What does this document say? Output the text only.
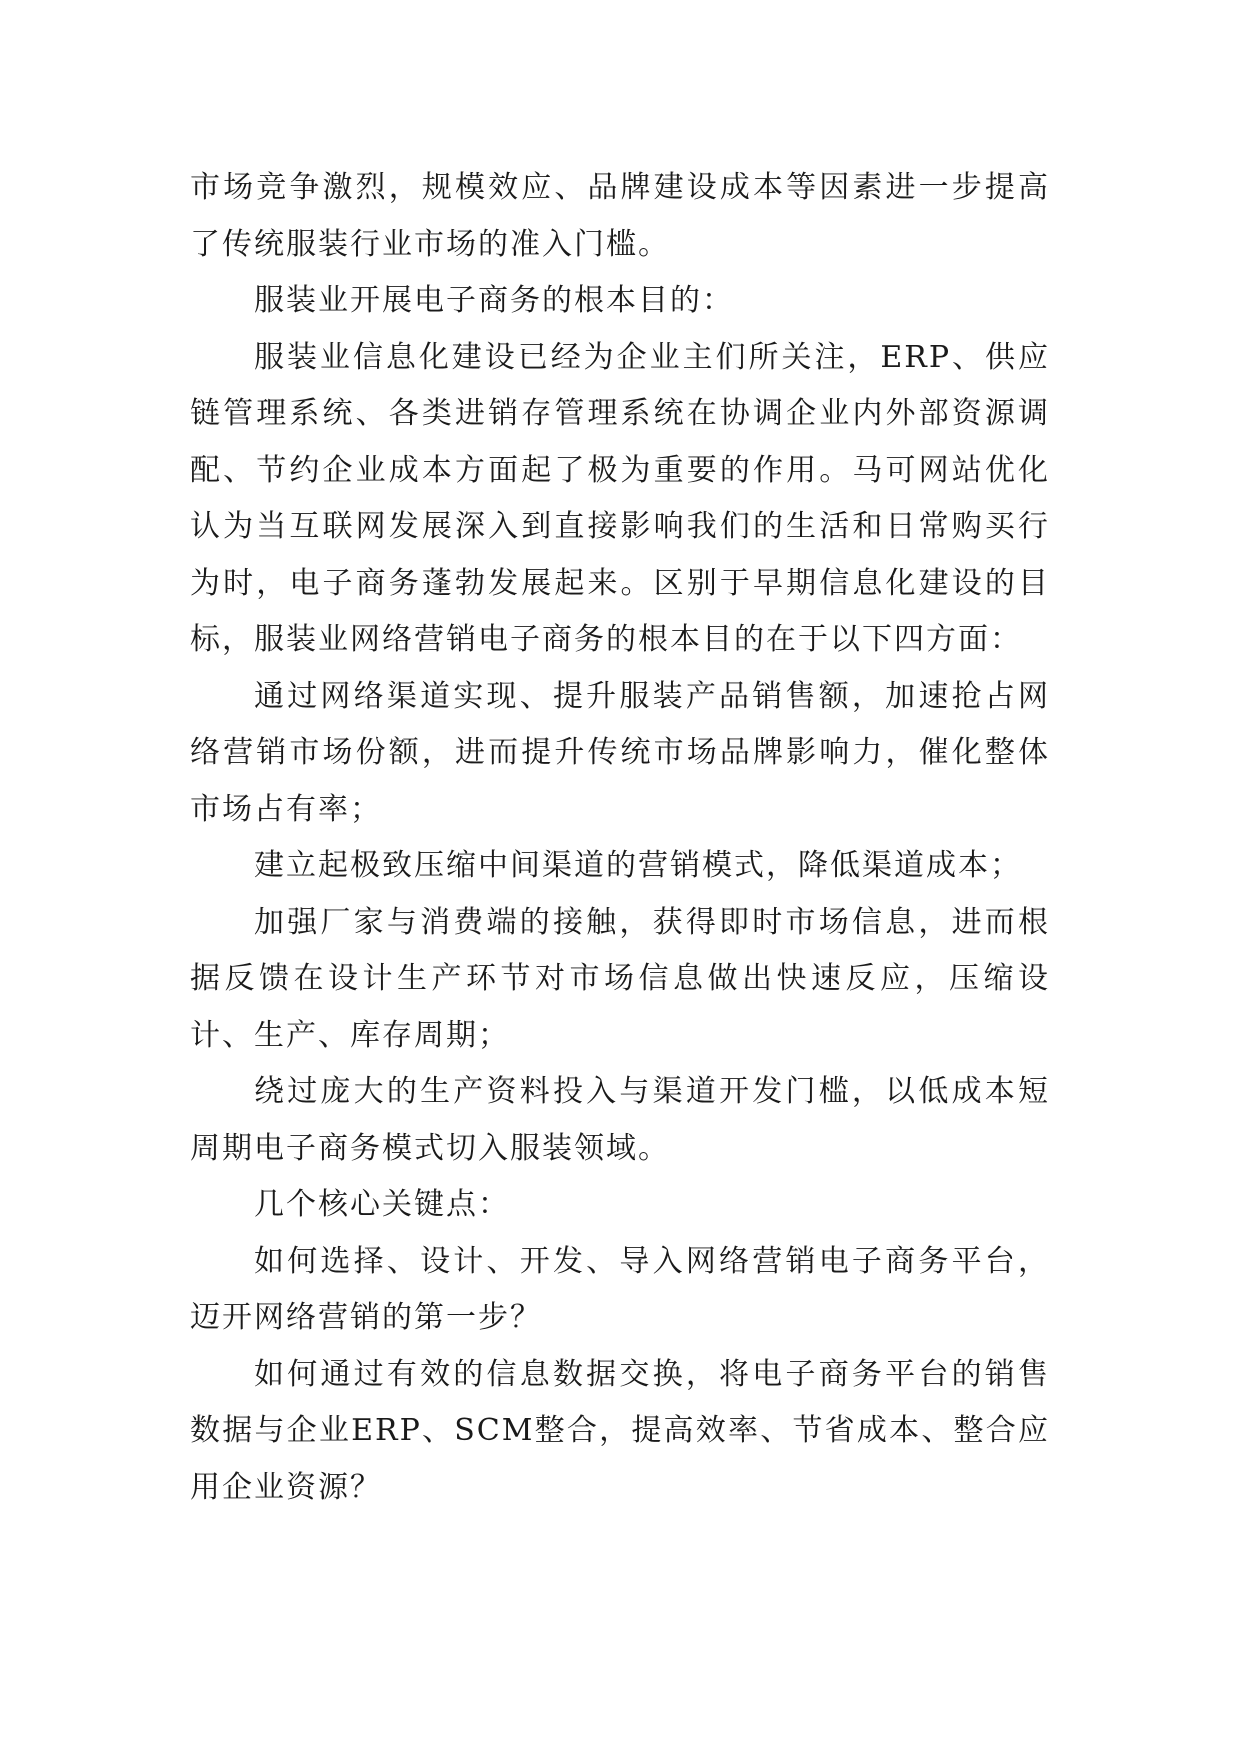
市场竞争激烈，规模效应、品牌建设成本等因素进一步提高了传统服装行业市场的准入门槛。

服装业开展电子商务的根本目的：

服装业信息化建设已经为企业主们所关注，ERP、供应链管理系统、各类进销存管理系统在协调企业内外部资源调配、节约企业成本方面起了极为重要的作用。马可网站优化认为当互联网发展深入到直接影响我们的生活和日常购买行为时，电子商务蓬勃发展起来。区别于早期信息化建设的目标，服装业网络营销电子商务的根本目的在于以下四方面：

通过网络渠道实现、提升服装产品销售额，加速抢占网络营销市场份额，进而提升传统市场品牌影响力，催化整体市场占有率；

建立起极致压缩中间渠道的营销模式，降低渠道成本；

加强厂家与消费端的接触，获得即时市场信息，进而根据反馈在设计生产环节对市场信息做出快速反应，压缩设计、生产、库存周期；

绕过庞大的生产资料投入与渠道开发门槛，以低成本短周期电子商务模式切入服装领域。

几个核心关键点：

如何选择、设计、开发、导入网络营销电子商务平台，迈开网络营销的第一步？

如何通过有效的信息数据交换，将电子商务平台的销售数据与企业ERP、SCM整合，提高效率、节省成本、整合应用企业资源？
